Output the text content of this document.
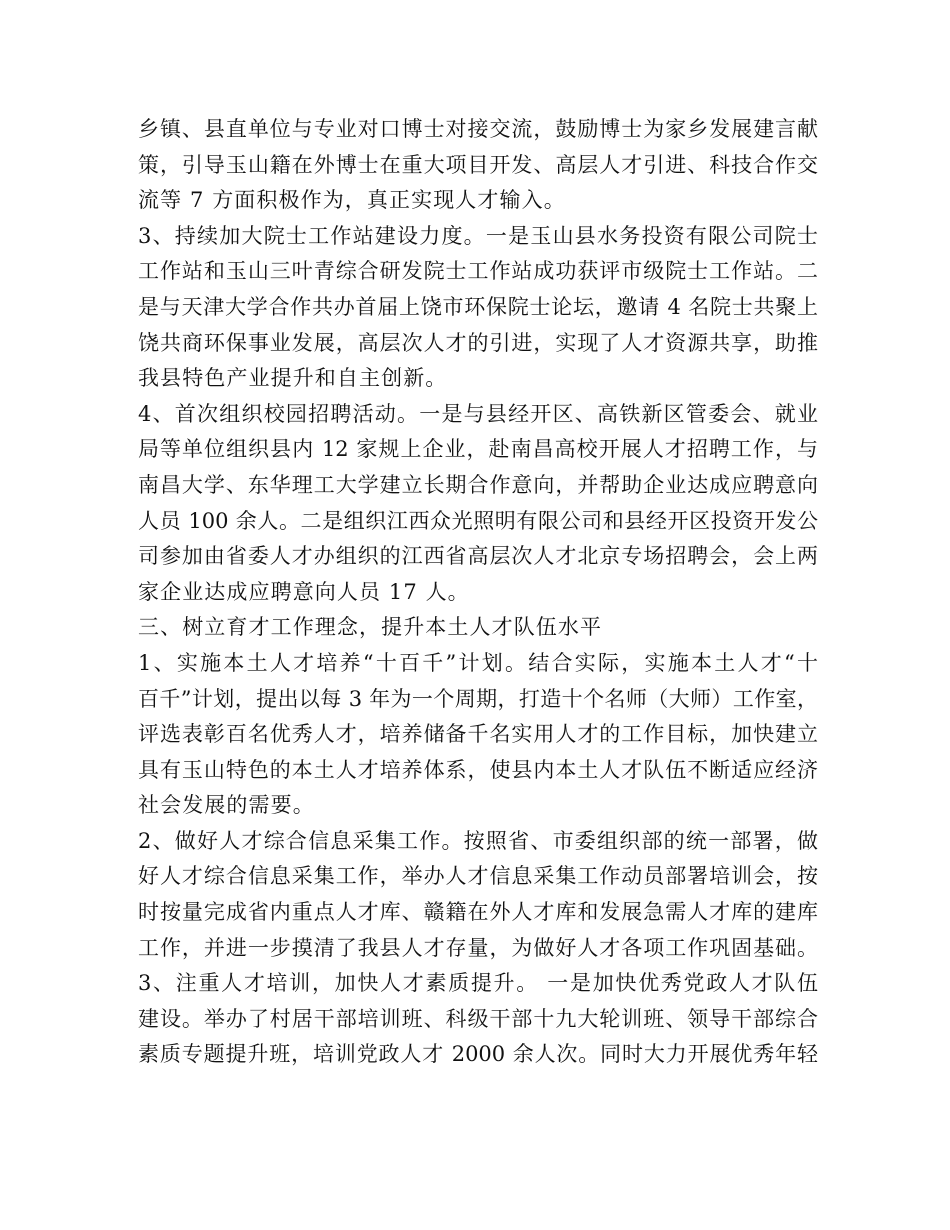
乡镇、县直单位与专业对口博士对接交流，鼓励博士为家乡发展建言献
策，引导玉山籍在外博士在重大项目开发、高层人才引进、科技合作交
流等 7 方面积极作为，真正实现人才输入。
3、持续加大院士工作站建设力度。一是玉山县水务投资有限公司院士
工作站和玉山三叶青综合研发院士工作站成功获评市级院士工作站。二
是与天津大学合作共办首届上饶市环保院士论坛，邀请 4 名院士共聚上
饶共商环保事业发展，高层次人才的引进，实现了人才资源共享，助推
我县特色产业提升和自主创新。
4、首次组织校园招聘活动。一是与县经开区、高铁新区管委会、就业
局等单位组织县内 12 家规上企业，赴南昌高校开展人才招聘工作，与
南昌大学、东华理工大学建立长期合作意向，并帮助企业达成应聘意向
人员 100 余人。二是组织江西众光照明有限公司和县经开区投资开发公
司参加由省委人才办组织的江西省高层次人才北京专场招聘会，会上两
家企业达成应聘意向人员 17 人。
三、树立育才工作理念，提升本土人才队伍水平
1、实施本土人才培养“十百千”计划。结合实际，实施本土人才“十
百千”计划，提出以每 3 年为一个周期，打造十个名师（大师）工作室，
评选表彰百名优秀人才，培养储备千名实用人才的工作目标，加快建立
具有玉山特色的本土人才培养体系，使县内本土人才队伍不断适应经济
社会发展的需要。
2、做好人才综合信息采集工作。按照省、市委组织部的统一部署，做
好人才综合信息采集工作，举办人才信息采集工作动员部署培训会，按
时按量完成省内重点人才库、赣籍在外人才库和发展急需人才库的建库
工作，并进一步摸清了我县人才存量，为做好人才各项工作巩固基础。
3、注重人才培训，加快人才素质提升。 一是加快优秀党政人才队伍
建设。举办了村居干部培训班、科级干部十九大轮训班、领导干部综合
素质专题提升班，培训党政人才 2000 余人次。同时大力开展优秀年轻
